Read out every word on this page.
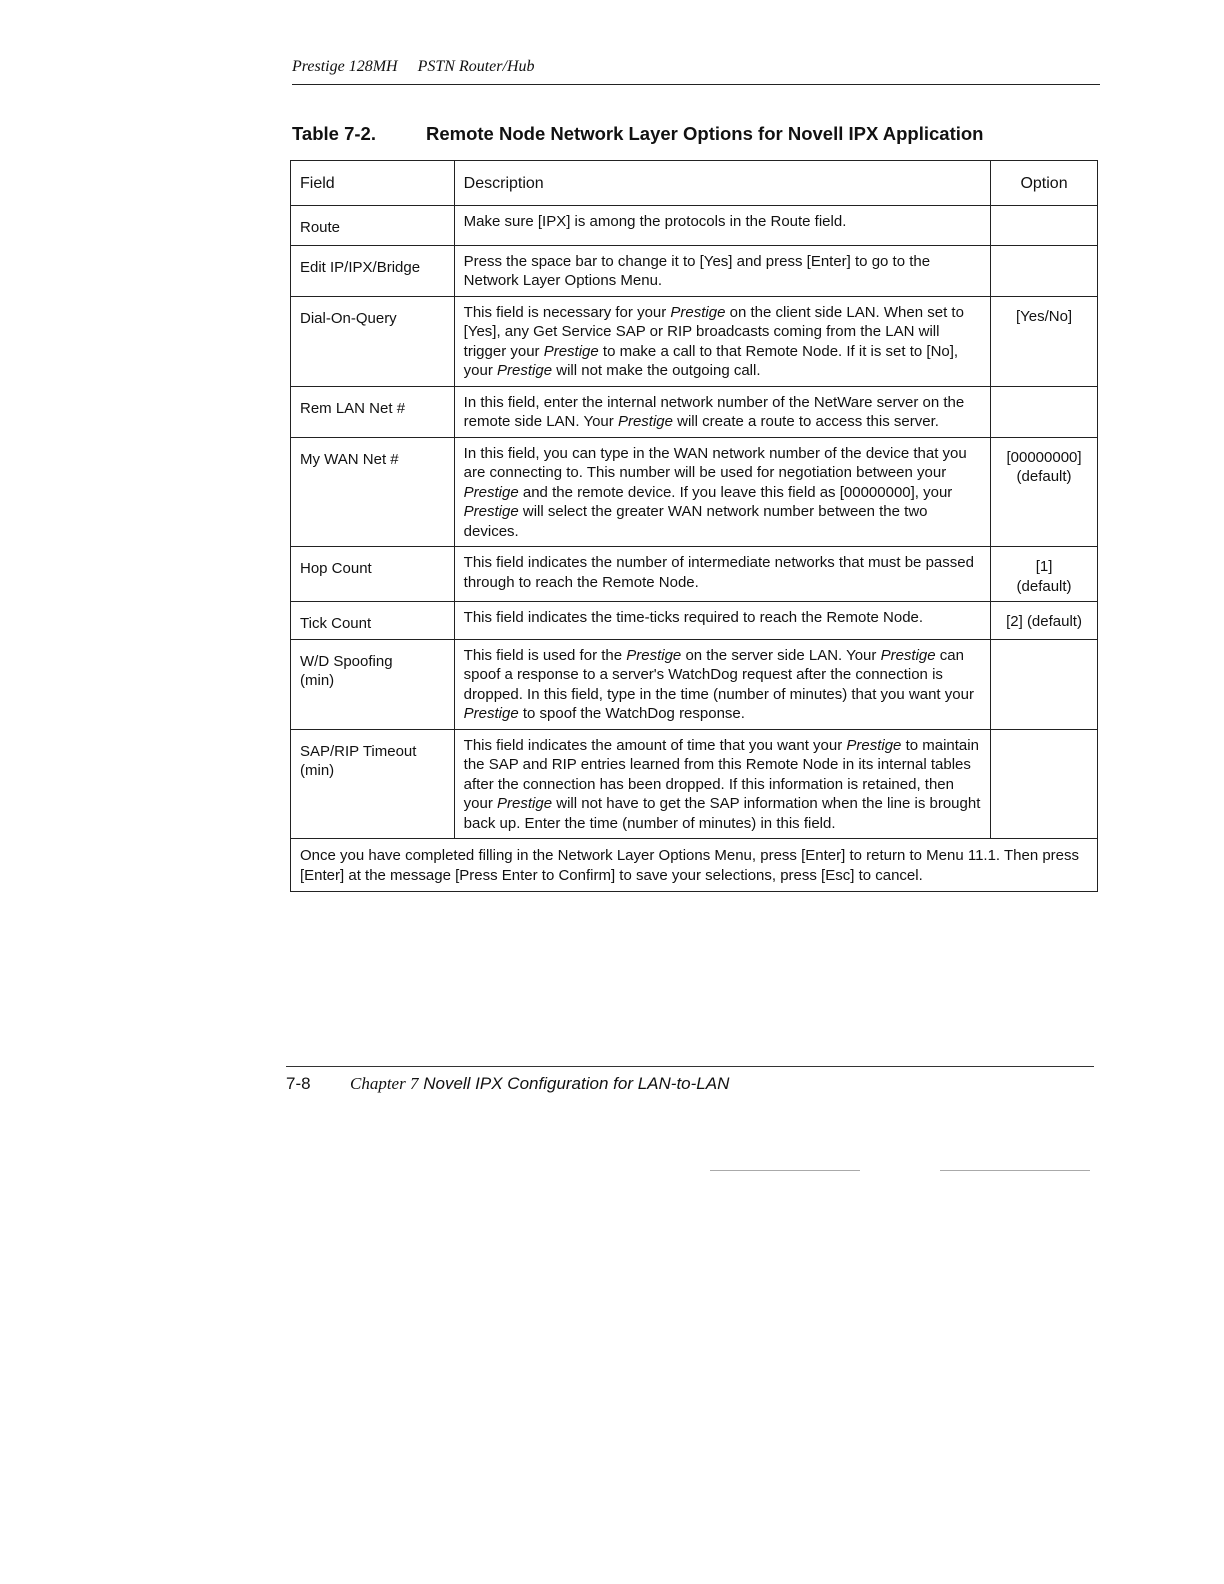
Prestige 128MH PSTN Router/Hub
Table 7-2.	Remote Node Network Layer Options for Novell IPX Application
Field	Description	Option
Route	Make sure [IPX] is among the protocols in the Route field.	
Edit IP/IPX/Bridge	Press the space bar to change it to [Yes] and press [Enter] to go to the Network Layer Options Menu.	
Dial-On-Query	This field is necessary for your Prestige on the client side LAN. When set to [Yes], any Get Service SAP or RIP broadcasts coming from the LAN will trigger your Prestige to make a call to that Remote Node. If it is set to [No], your Prestige will not make the outgoing call.	[Yes/No]
Rem LAN Net #	In this field, enter the internal network number of the NetWare server on the remote side LAN. Your Prestige will create a route to access this server.	
My WAN Net #	In this field, you can type in the WAN network number of the device that you are connecting to. This number will be used for negotiation between your Prestige and the remote device. If you leave this field as [00000000], your Prestige will select the greater WAN network number between the two devices.	[00000000]
(default)
Hop Count	This field indicates the number of intermediate networks that must be passed through to reach the Remote Node.	[1]
(default)
Tick Count	This field indicates the time-ticks required to reach the Remote Node.	[2] (default)
W/D Spoofing
(min)	This field is used for the Prestige on the server side LAN. Your Prestige can spoof a response to a server's WatchDog request after the connection is dropped. In this field, type in the time (number of minutes) that you want your Prestige to spoof the WatchDog response.	
SAP/RIP Timeout
(min)	This field indicates the amount of time that you want your Prestige to maintain the SAP and RIP entries learned from this Remote Node in its internal tables after the connection has been dropped. If this information is retained, then your Prestige will not have to get the SAP information when the line is brought back up. Enter the time (number of minutes) in this field.	
Once you have completed filling in the Network Layer Options Menu, press [Enter] to return to Menu 11.1. Then press [Enter] at the message [Press Enter to Confirm] to save your selections, press [Esc] to cancel.		
7-8 Chapter 7 Novell IPX Configuration for LAN-to-LAN
